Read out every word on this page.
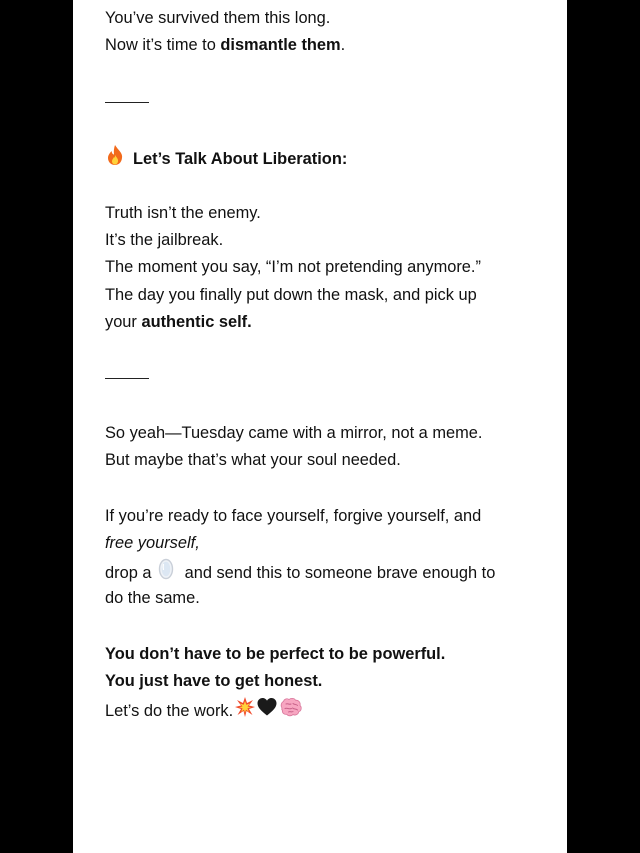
You’ve survived them this long.
Now it’s time to dismantle them.
Let’s Talk About Liberation:
Truth isn’t the enemy.
It’s the jailbreak.
The moment you say, “I’m not pretending anymore.”
The day you finally put down the mask, and pick up
your authentic self.
So yeah—Tuesday came with a mirror, not a meme.
But maybe that’s what your soul needed.
If you’re ready to face yourself, forgive yourself, and
free yourself,
drop a  and send this to someone brave enough to
do the same.
You don’t have to be perfect to be powerful.
You just have to get honest.
Let’s do the work.
